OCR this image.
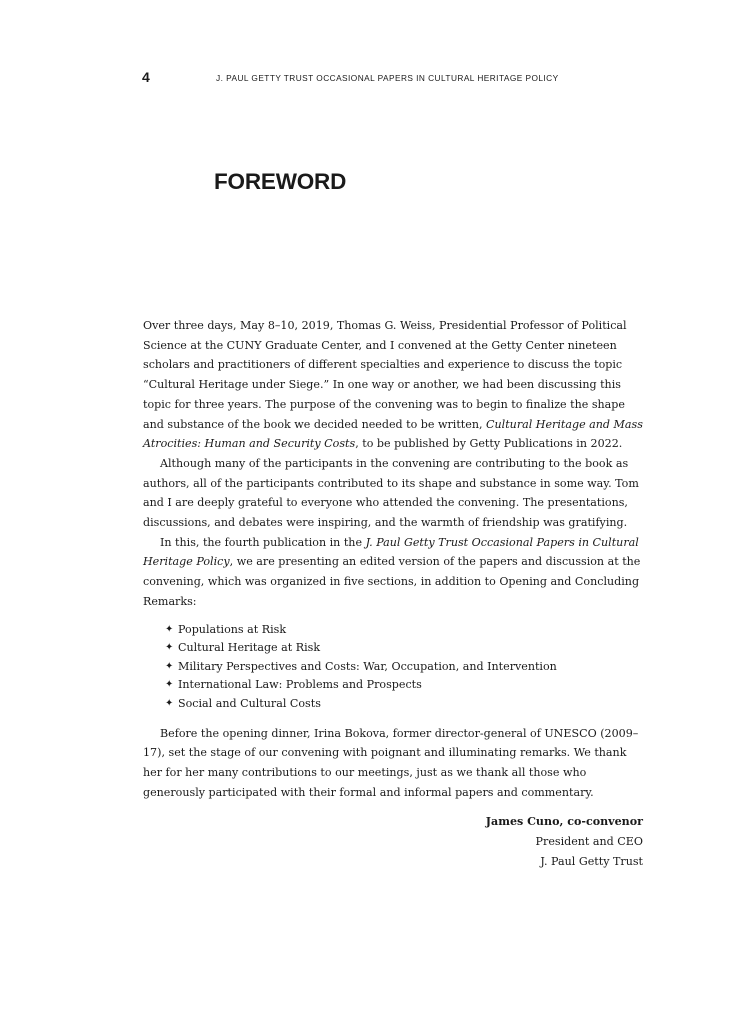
4	J. PAUL GETTY TRUST OCCASIONAL PAPERS IN CULTURAL HERITAGE POLICY
FOREWORD

Over three days, May 8–10, 2019, Thomas G. Weiss, Presidential Professor of Political Science at the CUNY Graduate Center, and I convened at the Getty Center nineteen scholars and practitioners of different specialties and experience to discuss the topic “Cultural Heritage under Siege.” In one way or another, we had been discussing this topic for three years. The purpose of the convening was to begin to finalize the shape and substance of the book we decided needed to be written, Cultural Heritage and Mass Atrocities: Human and Security Costs, to be published by Getty Publications in 2022.

Although many of the participants in the convening are contributing to the book as authors, all of the participants contributed to its shape and substance in some way. Tom and I are deeply grateful to everyone who attended the convening. The presentations, discussions, and debates were inspiring, and the warmth of friendship was gratifying.

In this, the fourth publication in the J. Paul Getty Trust Occasional Papers in Cultural Heritage Policy, we are presenting an edited version of the papers and discussion at the convening, which was organized in five sections, in addition to Opening and Concluding Remarks:

✦ Populations at Risk
✦ Cultural Heritage at Risk
✦ Military Perspectives and Costs: War, Occupation, and Intervention
✦ International Law: Problems and Prospects
✦ Social and Cultural Costs

Before the opening dinner, Irina Bokova, former director-general of UNESCO (2009–17), set the stage of our convening with poignant and illuminating remarks. We thank her for her many contributions to our meetings, just as we thank all those who generously participated with their formal and informal papers and commentary.

James Cuno, co-convenor
President and CEO
J. Paul Getty Trust
